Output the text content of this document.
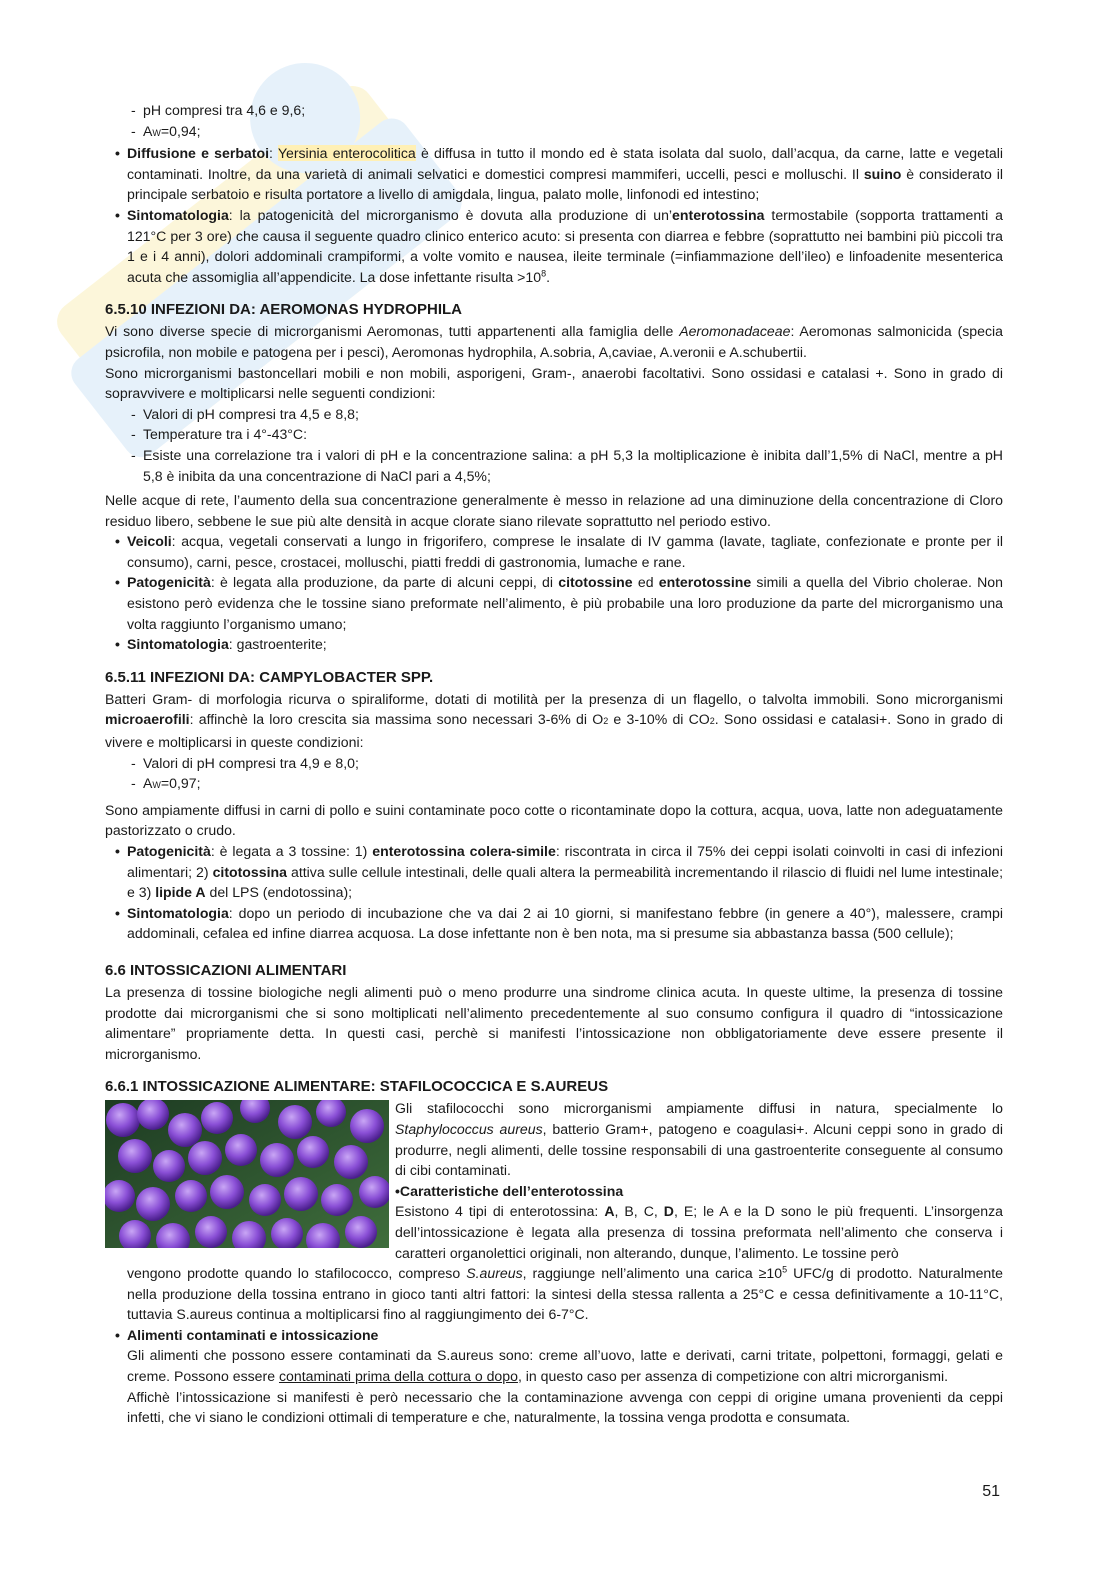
- pH compresi tra 4,6 e 9,6;
- AW=0,94;
• Diffusione e serbatoi: Yersinia enterocolitica è diffusa in tutto il mondo ed è stata isolata dal suolo, dall’acqua, da carne, latte e vegetali contaminati. Inoltre, da una varietà di animali selvatici e domestici compresi mammiferi, uccelli, pesci e molluschi. Il suino è considerato il principale serbatoio e risulta portatore a livello di amigdala, lingua, palato molle, linfonodi ed intestino;
• Sintomatologia: la patogenicità del microrganismo è dovuta alla produzione di un’enterotossina termostabile (sopporta trattamenti a 121°C per 3 ore) che causa il seguente quadro clinico enterico acuto: si presenta con diarrea e febbre (soprattutto nei bambini più piccoli tra 1 e i 4 anni), dolori addominali crampiformi, a volte vomito e nausea, ileite terminale (=infiammazione dell’ileo) e linfoadenite mesenterica acuta che assomiglia all’appendicite. La dose infettante risulta $>10^8$.
6.5.10 INFEZIONI DA: AEROMONAS HYDROPHILA

Vi sono diverse specie di microrganismi Aeromonas, tutti appartenenti alla famiglia delle Aeromonadaceae: Aeromonas salmonicida (specia psicrofila, non mobile e patogena per i pesci), Aeromonas hydrophila, A.sobria, A,caviae, A.veronii e A.schubertii.

Sono microrganismi bastoncellari mobili e non mobili, asporigeni, Gram-, anaerobi facoltativi. Sono ossidasi e catalasi +. Sono in grado di sopravvivere e moltiplicarsi nelle seguenti condizioni:

- Valori di pH compresi tra 4,5 e 8,8;
- Temperature tra i 4°-43°C:
- Esiste una correlazione tra i valori di pH e la concentrazione salina: a pH 5,3 la moltiplicazione è inibita dall’1,5% di NaCl, mentre a pH 5,8 è inibita da una concentrazione di NaCl pari a 4,5%;

Nelle acque di rete, l’aumento della sua concentrazione generalmente è messo in relazione ad una diminuzione della concentrazione di Cloro residuo libero, sebbene le sue più alte densità in acque clorate siano rilevate soprattutto nel periodo estivo.

• Veicoli: acqua, vegetali conservati a lungo in frigorifero, comprese le insalate di IV gamma (lavate, tagliate, confezionate e pronte per il consumo), carni, pesce, crostacei, molluschi, piatti freddi di gastronomia, lumache e rane.
• Patogenicità: è legata alla produzione, da parte di alcuni ceppi, di citotossine ed enterotossine simili a quella del Vibrio cholerae. Non esistono però evidenza che le tossine siano preformate nell’alimento, è più probabile una loro produzione da parte del microrganismo una volta raggiunto l’organismo umano;
• Sintomatologia: gastroenterite;
6.5.11 INFEZIONI DA: CAMPYLOBACTER SPP.

Batteri Gram- di morfologia ricurva o spiraliforme, dotati di motilità per la presenza di un flagello, o talvolta immobili. Sono microrganismi microaerofili: affinchè la loro crescita sia massima sono necessari 3-6% di O2 e 3-10% di CO2. Sono ossidasi e catalasi+. Sono in grado di vivere e moltiplicarsi in queste condizioni:

- Valori di pH compresi tra 4,9 e 8,0;
- AW=0,97;

Sono ampiamente diffusi in carni di pollo e suini contaminate poco cotte o ricontaminate dopo la cottura, acqua, uova, latte non adeguatamente pastorizzato o crudo.

• Patogenicità: è legata a 3 tossine: 1) enterotossina colera-simile: riscontrata in circa il 75% dei ceppi isolati coinvolti in casi di infezioni alimentari; 2) citotossina attiva sulle cellule intestinali, delle quali altera la permeabilità incrementando il rilascio di fluidi nel lume intestinale; e 3) lipide A del LPS (endotossina);
• Sintomatologia: dopo un periodo di incubazione che va dai 2 ai 10 giorni, si manifestano febbre (in genere a 40°), malessere, crampi addominali, cefalea ed infine diarrea acquosa. La dose infettante non è ben nota, ma si presume sia abbastanza bassa (500 cellule);
6.6 INTOSSICAZIONI ALIMENTARI

La presenza di tossine biologiche negli alimenti può o meno produrre una sindrome clinica acuta. In queste ultime, la presenza di tossine prodotte dai microrganismi che si sono moltiplicati nell’alimento precedentemente al suo consumo configura il quadro di “intossicazione alimentare” propriamente detta. In questi casi, perchè si manifesti l’intossicazione non obbligatoriamente deve essere presente il microrganismo.

6.6.1 INTOSSICAZIONE ALIMENTARE: STAFILOCOCCICA E S.AUREUS

Gli stafilococchi sono microrganismi ampiamente diffusi in natura, specialmente lo Staphylococcus aureus, batterio Gram+, patogeno e coagulasi+. Alcuni ceppi sono in grado di produrre, negli alimenti, delle tossine responsabili di una gastroenterite conseguente al consumo di cibi contaminati.

•Caratteristiche dell’enterotossina

Esistono 4 tipi di enterotossina: A, B, C, D, E; le A e la D sono le più frequenti. L’insorgenza dell’intossicazione è legata alla presenza di tossina preformata nell’alimento che conserva i caratteri organolettici originali, non alterando, dunque, l’alimento. Le tossine però

vengono prodotte quando lo stafilococco, compreso S.aureus, raggiunge nell’alimento una carica $\ge 10^5$ UFC/g di prodotto. Naturalmente nella produzione della tossina entrano in gioco tanti altri fattori: la sintesi della stessa rallenta a 25°C e cessa definitivamente a 10-11°C, tuttavia S.aureus continua a moltiplicarsi fino al raggiungimento dei 6-7°C.

• Alimenti contaminati e intossicazione

Gli alimenti che possono essere contaminati da S.aureus sono: creme all’uovo, latte e derivati, carni tritate, polpettoni, formaggi, gelati e creme. Possono essere contaminati prima della cottura o dopo, in questo caso per assenza di competizione con altri microrganismi.

Affichè l’intossicazione si manifesti è però necessario che la contaminazione avvenga con ceppi di origine umana provenienti da ceppi infetti, che vi siano le condizioni ottimali di temperature e che, naturalmente, la tossina venga prodotta e consumata.

51
